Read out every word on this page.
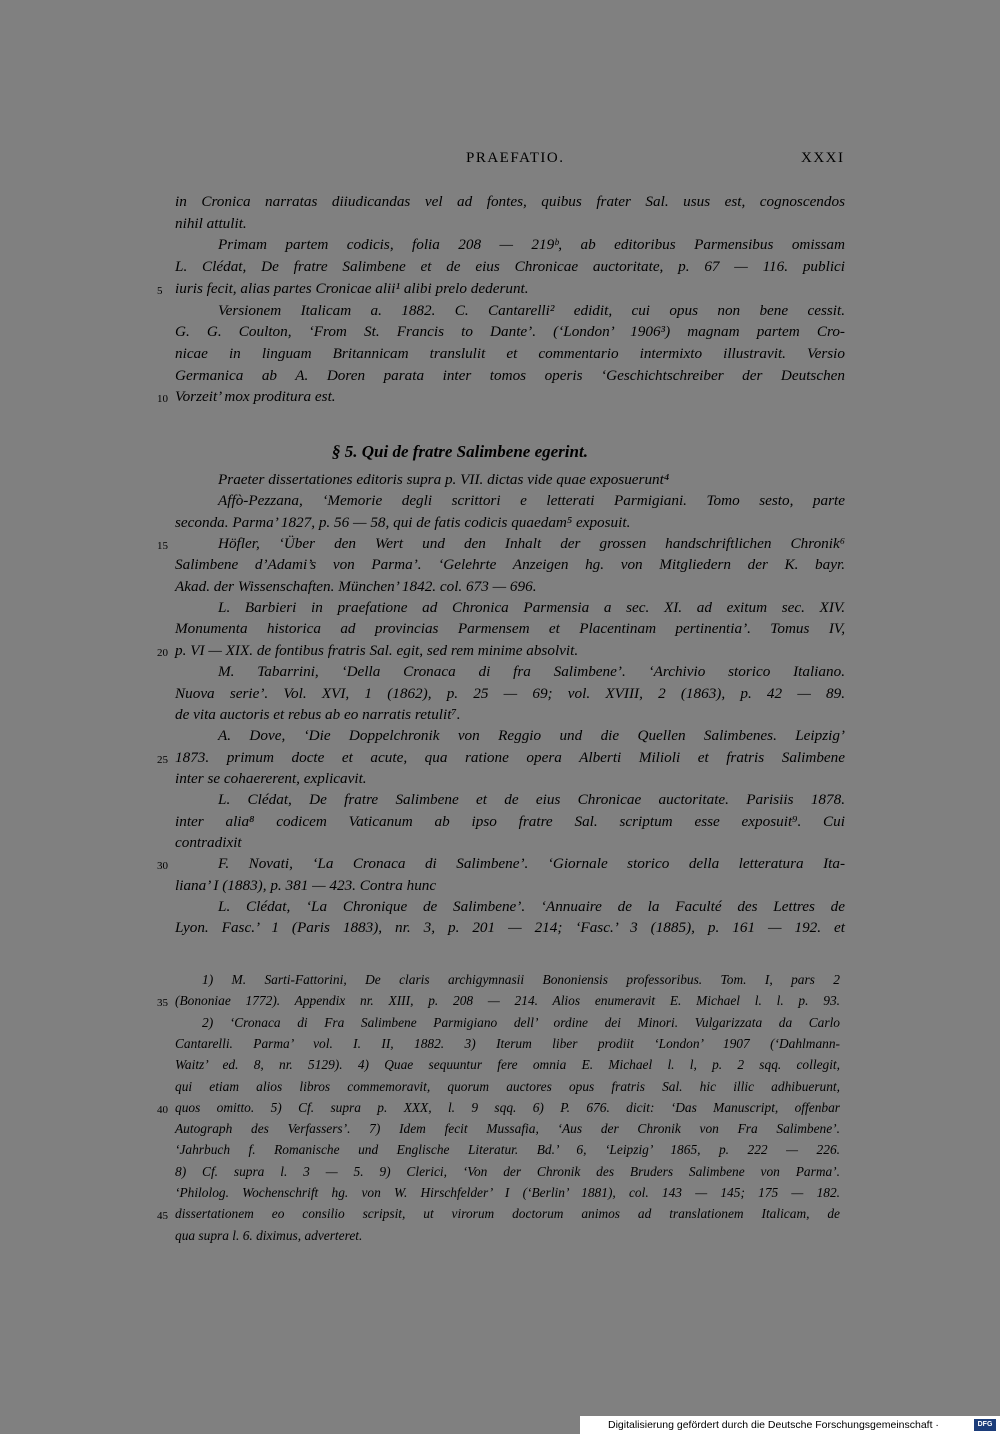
PRAEFATIO.	XXXI
in Cronica narratas diiudicandas vel ad fontes, quibus frater Sal. usus est, cognoscendos
nihil attulit.
Primam partem codicis, folia 208 — 219ᵇ, ab editoribus Parmensibus omissam
L. Clédat, De fratre Salimbene et de eius Chronicae auctoritate, p. 67 — 116. publici
iuris fecit, alias partes Cronicae alii¹ alibi prelo dederunt.
5
Versionem Italicam a. 1882. C. Cantarelli² edidit, cui opus non bene cessit.
G. G. Coulton, ‘From St. Francis to Dante’. (‘London’ 1906³) magnam partem Cro-
nicae in linguam Britannicam translulit et commentario intermixto illustravit. Versio
Germanica ab A. Doren parata inter tomos operis ‘Geschichtschreiber der Deutschen
Vorzeit’ mox proditura est.
10
Praeter dissertationes editoris supra p. VII. dictas vide quae exposuerunt⁴
Affò-Pezzana, ‘Memorie degli scrittori e letterati Parmigiani. Tomo sesto, parte
seconda. Parma’ 1827, p. 56 — 58, qui de fatis codicis quaedam⁵ exposuit.
Höfler, ‘Über den Wert und den Inhalt der grossen handschriftlichen Chronik⁶
15
Salimbene d’Adami’s von Parma’. ‘Gelehrte Anzeigen hg. von Mitgliedern der K. bayr.
Akad. der Wissenschaften. München’ 1842. col. 673 — 696.
L. Barbieri in praefatione ad Chronica Parmensia a sec. XI. ad exitum sec. XIV.
Monumenta historica ad provincias Parmensem et Placentinam pertinentia’. Tomus IV,
p. VI — XIX. de fontibus fratris Sal. egit, sed rem minime absolvit.
20
M. Tabarrini, ‘Della Cronaca di fra Salimbene’. ‘Archivio storico Italiano.
Nuova serie’. Vol. XVI, 1 (1862), p. 25 — 69; vol. XVIII, 2 (1863), p. 42 — 89.
de vita auctoris et rebus ab eo narratis retulit⁷.
A. Dove, ‘Die Doppelchronik von Reggio und die Quellen Salimbenes. Leipzig’
1873. primum docte et acute, qua ratione opera Alberti Milioli et fratris Salimbene
25
inter se cohaererent, explicavit.
L. Clédat, De fratre Salimbene et de eius Chronicae auctoritate. Parisiis 1878.
inter alia⁸ codicem Vaticanum ab ipso fratre Sal. scriptum esse exposuit⁹. Cui
contradixit
F. Novati, ‘La Cronaca di Salimbene’. ‘Giornale storico della letteratura Ita-
30
liana’ I (1883), p. 381 — 423. Contra hunc
L. Clédat, ‘La Chronique de Salimbene’. ‘Annuaire de la Faculté des Lettres de
Lyon. Fasc.’ 1 (Paris 1883), nr. 3, p. 201 — 214; ‘Fasc.’ 3 (1885), p. 161 — 192. et
§ 5. Qui de fratre Salimbene egerint.
1) M. Sarti-Fattorini, De claris archigymnasii Bononiensis professoribus. Tom. I, pars 2
(Bononiae 1772). Appendix nr. XIII, p. 208 — 214. Alios enumeravit E. Michael l. l. p. 93.
35
2) ‘Cronaca di Fra Salimbene Parmigiano dell’ ordine dei Minori. Vulgarizzata da Carlo
Cantarelli. Parma’ vol. I. II, 1882. 3) Iterum liber prodiit ‘London’ 1907 (‘Dahlmann-
Waitz’ ed. 8, nr. 5129). 4) Quae sequuntur fere omnia E. Michael l. l, p. 2 sqq. collegit,
qui etiam alios libros commemoravit, quorum auctores opus fratris Sal. hic illic adhibuerunt,
quos omitto. 5) Cf. supra p. XXX, l. 9 sqq. 6) P. 676. dicit: ‘Das Manuscript, offenbar
40
Autograph des Verfassers’. 7) Idem fecit Mussafia, ‘Aus der Chronik von Fra Salimbene’.
‘Jahrbuch f. Romanische und Englische Literatur. Bd.’ 6, ‘Leipzig’ 1865, p. 222 — 226.
8) Cf. supra l. 3 — 5. 9) Clerici, ‘Von der Chronik des Bruders Salimbene von Parma’.
‘Philolog. Wochenschrift hg. von W. Hirschfelder’ I (‘Berlin’ 1881), col. 143 — 145; 175 — 182.
dissertationem eo consilio scripsit, ut virorum doctorum animos ad translationem Italicam, de
45
qua supra l. 6. diximus, adverteret.
Digitalisierung gefördert durch die Deutsche Forschungsgemeinschaft ·	DFG
